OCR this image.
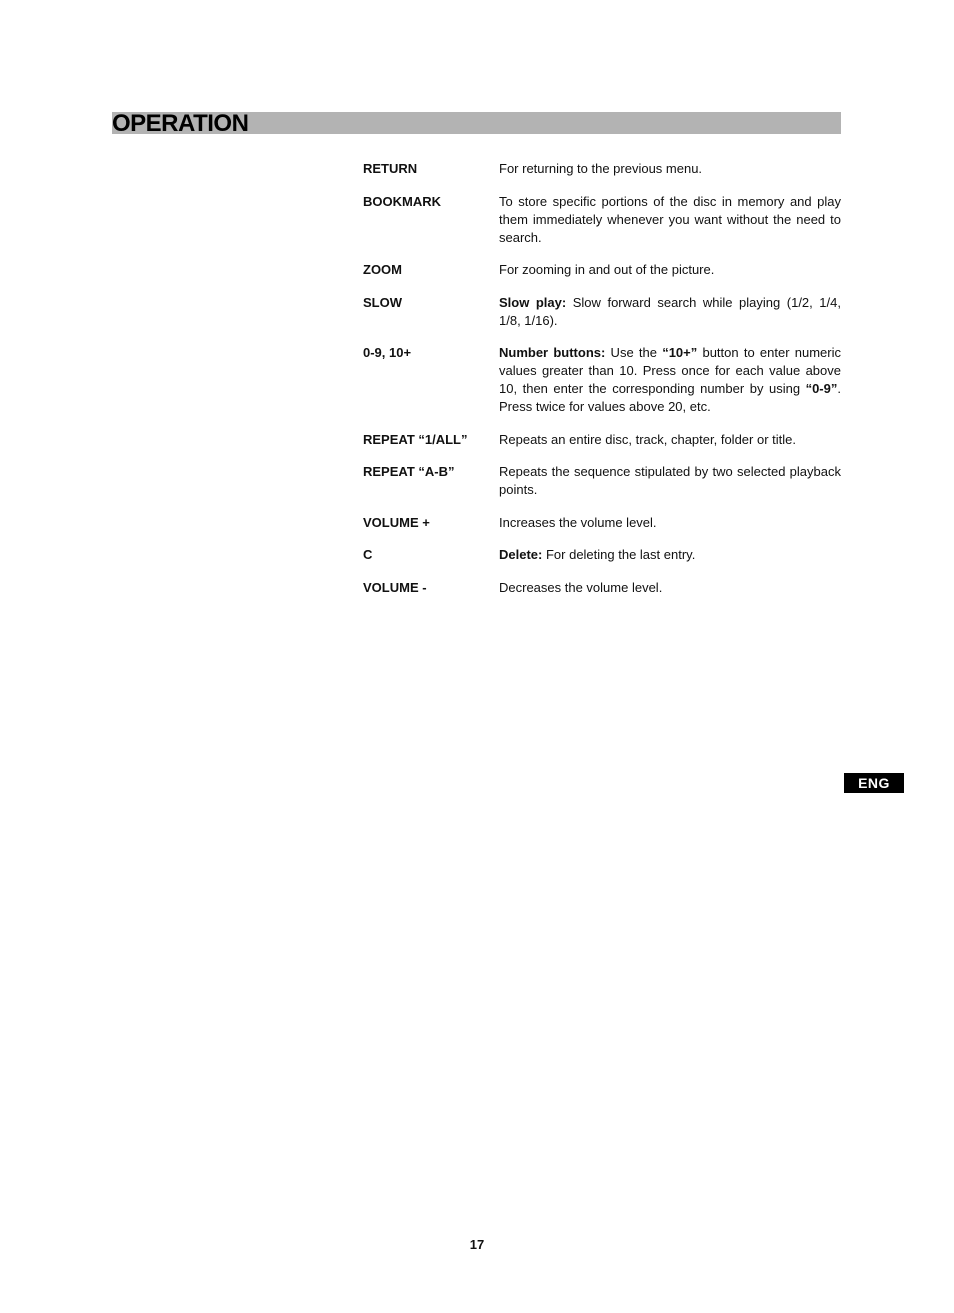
OPERATION
RETURN	For returning to the previous menu.
BOOKMARK	To store specific portions of the disc in memory and play them immediately whenever you want without the need to search.
ZOOM	For zooming in and out of the picture.
SLOW	Slow play: Slow forward search while playing (1/2, 1/4, 1/8, 1/16).
0-9, 10+	Number buttons: Use the “10+” button to enter numeric values greater than 10. Press once for each value above 10, then enter the corresponding number by using “0-9”. Press twice for values above 20, etc.
REPEAT “1/ALL”	Repeats an entire disc, track, chapter, folder or title.
REPEAT “A-B”	Repeats the sequence stipulated by two selected playback points.
VOLUME +	Increases the volume level.
C	Delete: For deleting the last entry.
VOLUME -	Decreases the volume level.
ENG
17
